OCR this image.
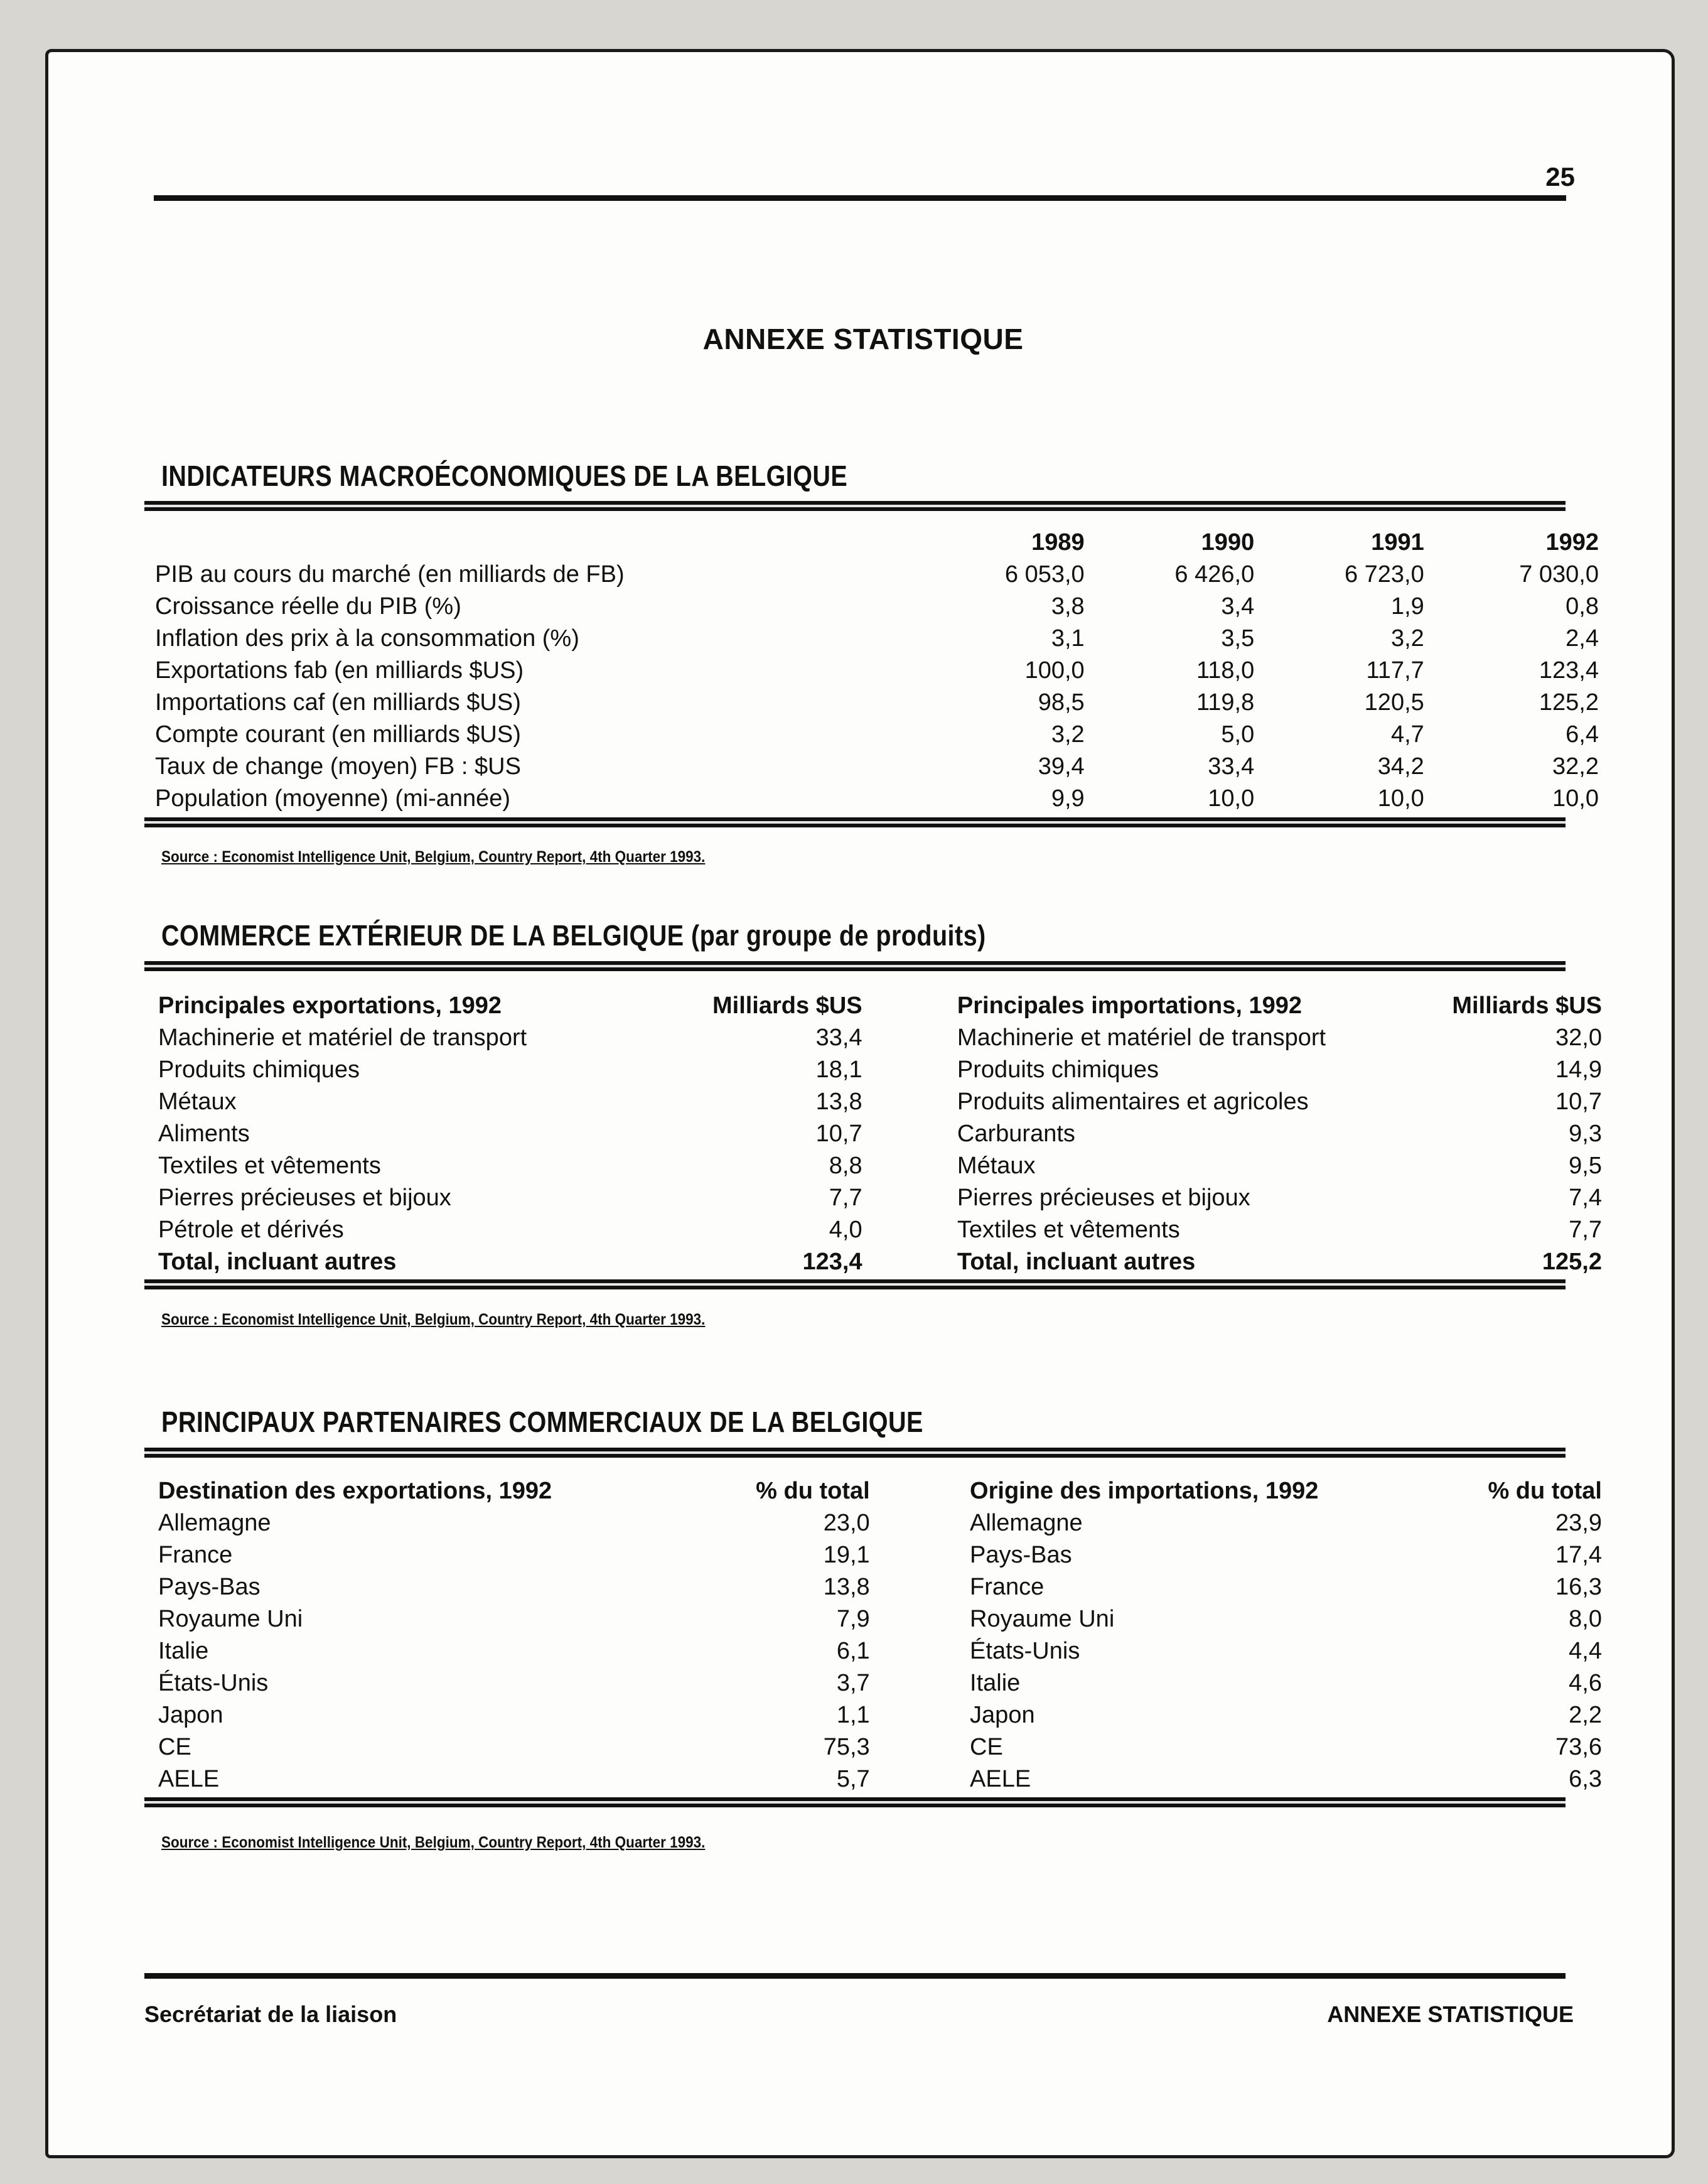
25
ANNEXE STATISTIQUE
INDICATEURS MACROÉCONOMIQUES DE LA BELGIQUE
	1989	1990	1991	1992
PIB au cours du marché (en milliards de FB)	6 053,0	6 426,0	6 723,0	7 030,0
Croissance réelle du PIB (%)	3,8	3,4	1,9	0,8
Inflation des prix à la consommation (%)	3,1	3,5	3,2	2,4
Exportations fab (en milliards $US)	100,0	118,0	117,7	123,4
Importations caf (en milliards $US)	98,5	119,8	120,5	125,2
Compte courant (en milliards $US)	3,2	5,0	4,7	6,4
Taux de change (moyen) FB : $US	39,4	33,4	34,2	32,2
Population (moyenne) (mi-année)	9,9	10,0	10,0	10,0
Source : Economist Intelligence Unit, Belgium, Country Report, 4th Quarter 1993.
COMMERCE EXTÉRIEUR DE LA BELGIQUE (par groupe de produits)
Principales exportations, 1992	Milliards $US		Principales importations, 1992	Milliards $US
Machinerie et matériel de transport	33,4		Machinerie et matériel de transport	32,0
Produits chimiques	18,1		Produits chimiques	14,9
Métaux	13,8		Produits alimentaires et agricoles	10,7
Aliments	10,7		Carburants	9,3
Textiles et vêtements	8,8		Métaux	9,5
Pierres précieuses et bijoux	7,7		Pierres précieuses et bijoux	7,4
Pétrole et dérivés	4,0		Textiles et vêtements	7,7
Total, incluant autres	123,4		Total, incluant autres	125,2
Source : Economist Intelligence Unit, Belgium, Country Report, 4th Quarter 1993.
PRINCIPAUX PARTENAIRES COMMERCIAUX DE LA BELGIQUE
Destination des exportations, 1992	% du total		Origine des importations, 1992	% du total
Allemagne	23,0		Allemagne	23,9
France	19,1		Pays-Bas	17,4
Pays-Bas	13,8		France	16,3
Royaume Uni	7,9		Royaume Uni	8,0
Italie	6,1		États-Unis	4,4
États-Unis	3,7		Italie	4,6
Japon	1,1		Japon	2,2
CE	75,3		CE	73,6
AELE	5,7		AELE	6,3
Source : Economist Intelligence Unit, Belgium, Country Report, 4th Quarter 1993.
Secrétariat de la liaison	ANNEXE STATISTIQUE
